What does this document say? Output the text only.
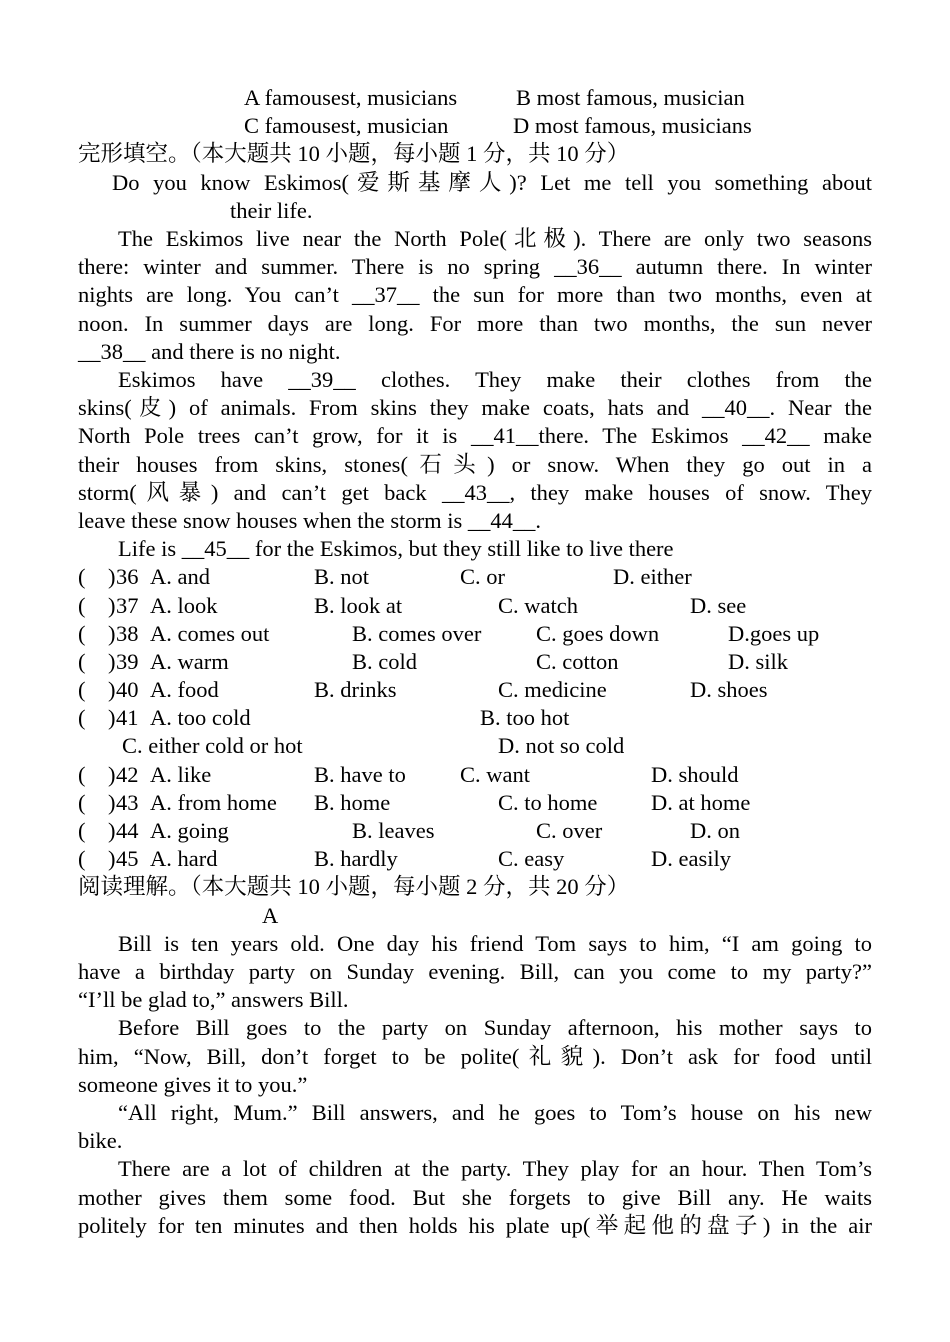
A famousest, musicians	B most famous, musician
C famousest, musician	D most famous, musicians
完形填空。（本大题共 10 小题，每小题 1 分，共 10 分）
Do you know Eskimos(爱斯基摩人)? Let me tell you something about
their life.
The Eskimos live near the North Pole(北极). There are only two seasons
there: winter and summer. There is no spring __36__ autumn there. In winter
nights are long. You can’t __37__ the sun for more than two months, even at
noon. In summer days are long. For more than two months, the sun never
__38__ and there is no night.
Eskimos have __39__ clothes. They make their clothes from the
skins(皮) of animals. From skins they make coats, hats and __40__. Near the
North Pole trees can’t grow, for it is __41__there. The Eskimos __42__ make
their houses from skins, stones(石头) or snow. When they go out in a
storm(风暴) and can’t get back __43__, they make houses of snow. They
leave these snow houses when the storm is __44__.
Life is __45__ for the Eskimos, but they still like to live there
(    ) 36 A. and	B. not	C. or	D. either
(    ) 37 A. look	B. look at	C. watch	D. see
(    ) 38 A. comes out	B. comes over C. goes down	D.goes up
(    ) 39 A. warm	B. cold	C. cotton	D. silk
(    ) 40 A. food	B. drinks	C. medicine	D. shoes
(    ) 41 A. too cold	B. too hot
C. either cold or hot	D. not so cold
(    ) 42 A. like	B. have to C. want	D. should
(    ) 43 A. from home B. home	C. to home D. at home
(    ) 44 A. going	B. leaves	C. over	D. on
(    ) 45 A. hard	B. hardly	C. easy	D. easily
阅读理解。（本大题共 10 小题，每小题 2 分，共 20 分）
A
Bill is ten years old. One day his friend Tom says to him, “I am going to
have a birthday party on Sunday evening. Bill, can you come to my party?”
“I’ll be glad to,” answers Bill.
Before Bill goes to the party on Sunday afternoon, his mother says to
him, “Now, Bill, don’t forget to be polite(礼貌). Don’t ask for food until
someone gives it to you.”
“All right, Mum.” Bill answers, and he goes to Tom’s house on his new
bike.
There are a lot of children at the party. They play for an hour. Then Tom’s
mother gives them some food. But she forgets to give Bill any. He waits
politely for ten minutes and then holds his plate up(举起他的盘子) in the air
